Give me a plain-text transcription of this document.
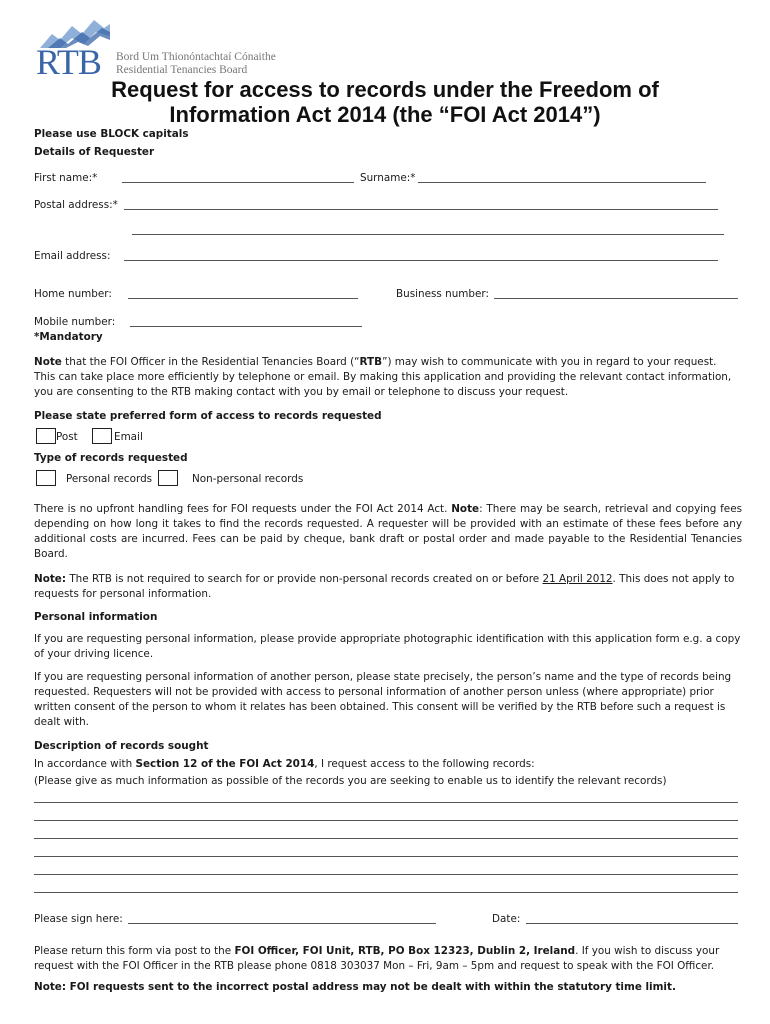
RTB Bord Um Thionóntachtaí Cónaithe
Residential Tenancies Board
Request for access to records under the Freedom of
Information Act 2014 (the “FOI Act 2014”)
Please use BLOCK capitals
Details of Requester
First name:*	Surname:*
Postal address:*
Email address:
Home number:	Business number:
Mobile number:
*Mandatory
Note that the FOI Officer in the Residential Tenancies Board (“RTB”) may wish to communicate with you in regard to your request.
This can take place more efficiently by telephone or email. By making this application and providing the relevant contact information,
you are consenting to the RTB making contact with you by email or telephone to discuss your request.
Please state preferred form of access to records requested
Post	Email
Type of records requested
Personal records	Non-personal records
There is no upfront handling fees for FOI requests under the FOI Act 2014 Act. Note: There may be search, retrieval and copying fees depending on how long it takes to find the records requested. A requester will be provided with an estimate of these fees before any additional costs are incurred. Fees can be paid by cheque, bank draft or postal order and made payable to the Residential Tenancies Board.
Note: The RTB is not required to search for or provide non-personal records created on or before 21 April 2012. This does not apply to requests for personal information.
Personal information
If you are requesting personal information, please provide appropriate photographic identification with this application form e.g. a copy of your driving licence.
If you are requesting personal information of another person, please state precisely, the person’s name and the type of records being requested. Requesters will not be provided with access to personal information of another person unless (where appropriate) prior written consent of the person to whom it relates has been obtained. This consent will be verified by the RTB before such a request is dealt with.
Description of records sought
In accordance with Section 12 of the FOI Act 2014, I request access to the following records:
(Please give as much information as possible of the records you are seeking to enable us to identify the relevant records)
Please sign here:	Date:
Please return this form via post to the FOI Officer, FOI Unit, RTB, PO Box 12323, Dublin 2, Ireland. If you wish to discuss your request with the FOI Officer in the RTB please phone 0818 303037 Mon – Fri, 9am – 5pm and request to speak with the FOI Officer.
Note: FOI requests sent to the incorrect postal address may not be dealt with within the statutory time limit.
